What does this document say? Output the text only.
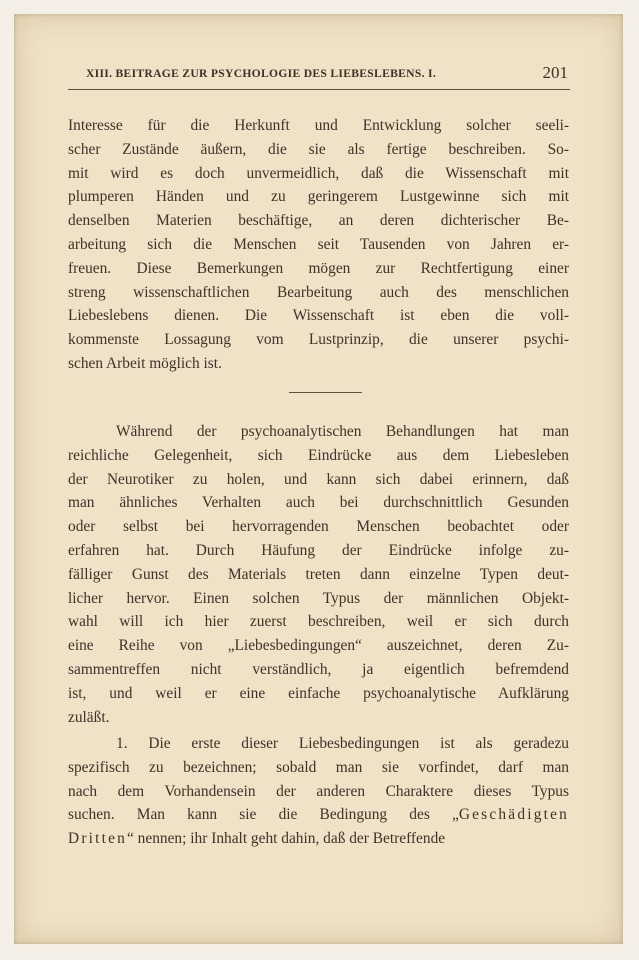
XIII. BEITRAGE ZUR PSYCHOLOGIE DES LIEBESLEBENS. I.	201
Interesse für die Herkunft und Entwicklung solcher seeli-
scher Zustände äußern, die sie als fertige beschreiben. So-
mit wird es doch unvermeidlich, daß die Wissenschaft mit
plumperen Händen und zu geringerem Lustgewinne sich mit
denselben Materien beschäftige, an deren dichterischer Be-
arbeitung sich die Menschen seit Tausenden von Jahren er-
freuen. Diese Bemerkungen mögen zur Rechtfertigung einer
streng wissenschaftlichen Bearbeitung auch des menschlichen
Liebeslebens dienen. Die Wissenschaft ist eben die voll-
kommenste Lossagung vom Lustprinzip, die unserer psychi-
schen Arbeit möglich ist.
Während der psychoanalytischen Behandlungen hat man
reichliche Gelegenheit, sich Eindrücke aus dem Liebesleben
der Neurotiker zu holen, und kann sich dabei erinnern, daß
man ähnliches Verhalten auch bei durchschnittlich Gesunden
oder selbst bei hervorragenden Menschen beobachtet oder
erfahren hat. Durch Häufung der Eindrücke infolge zu-
fälliger Gunst des Materials treten dann einzelne Typen deut-
licher hervor. Einen solchen Typus der männlichen Objekt-
wahl will ich hier zuerst beschreiben, weil er sich durch
eine Reihe von „Liebesbedingungen“ auszeichnet, deren Zu-
sammentreffen nicht verständlich, ja eigentlich befremdend
ist, und weil er eine einfache psychoanalytische Aufklärung
zuläßt.
1. Die erste dieser Liebesbedingungen ist als geradezu
spezifisch zu bezeichnen; sobald man sie vorfindet, darf man
nach dem Vorhandensein der anderen Charaktere dieses Typus
suchen. Man kann sie die Bedingung des „Geschädigten
Dritten“ nennen; ihr Inhalt geht dahin, daß der Betreffende
